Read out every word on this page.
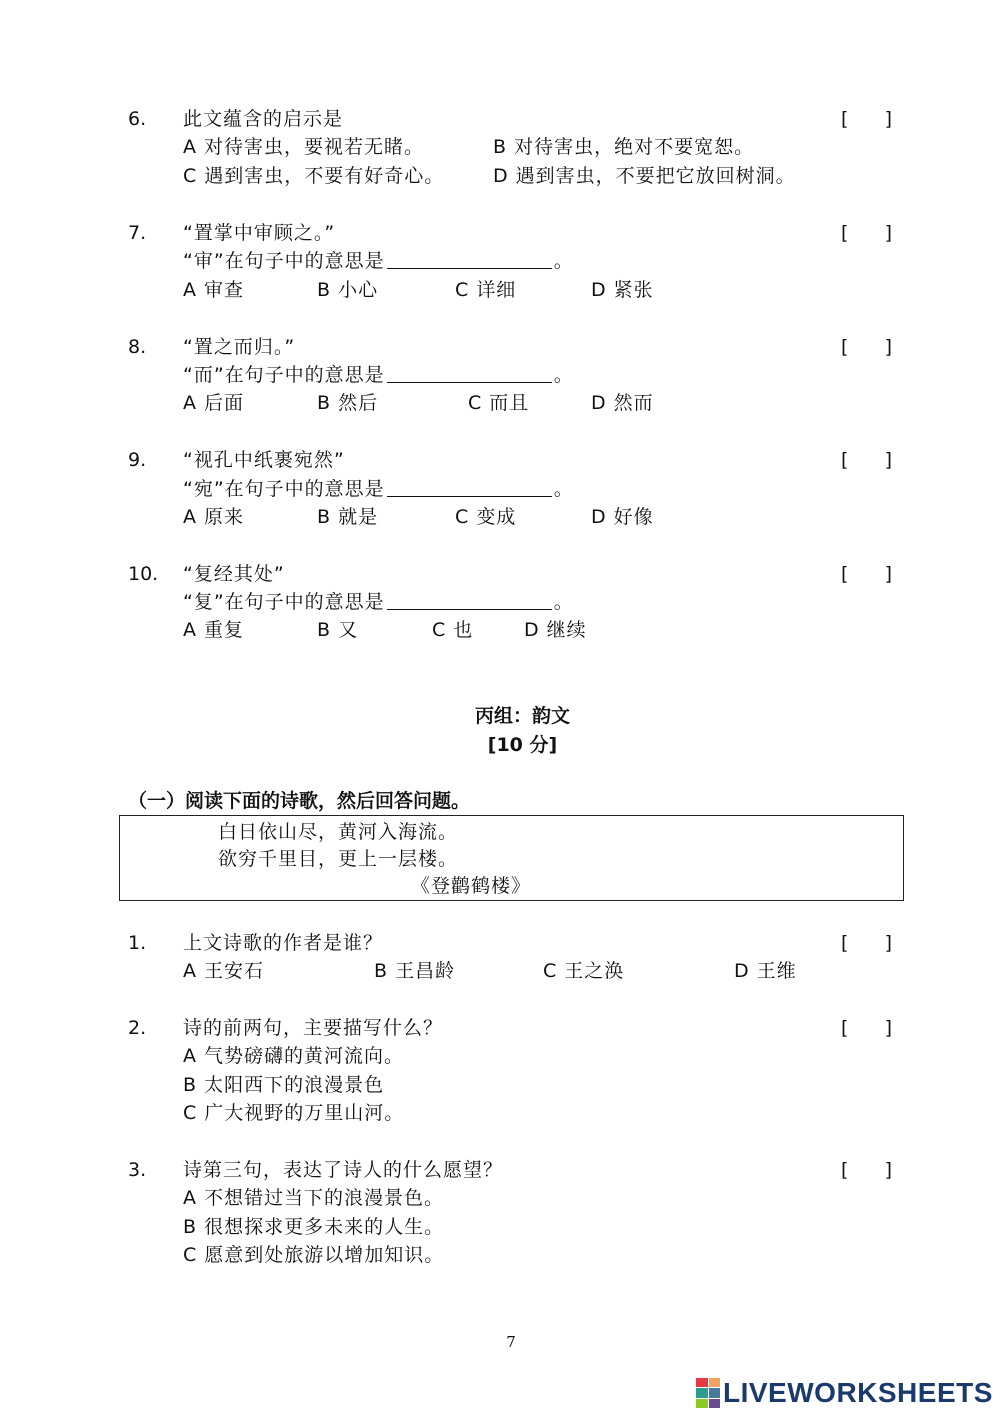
6. 此文蕴含的启示是	[      ]
A 对待害虫，要视若无睹。	B 对待害虫，绝对不要宽恕。
C 遇到害虫，不要有好奇心。	D 遇到害虫，不要把它放回树洞。
7. “置掌中审顾之。”	[      ]
“审”在句子中的意思是	。
A 审查	B 小心	C 详细	D 紧张
8. “置之而归。”	[      ]
“而”在句子中的意思是	。
A 后面	B 然后	C 而且	D 然而
9. “视孔中纸裹宛然”	[      ]
“宛”在句子中的意思是	。
A 原来	B 就是	C 变成	D 好像
10. “复经其处”	[      ]
“复”在句子中的意思是	。
A 重复	B 又	C 也	D 继续
丙组：韵文
[10 分]
（一）阅读下面的诗歌，然后回答问题。
白日依山尽，黄河入海流。
欲穷千里目，更上一层楼。
《登鹳鹤楼》
1. 上文诗歌的作者是谁？	[      ]
A 王安石	B 王昌龄	C 王之涣	D 王维
2. 诗的前两句，主要描写什么？	[      ]
A 气势磅礴的黄河流向。
B 太阳西下的浪漫景色
C 广大视野的万里山河。
3. 诗第三句，表达了诗人的什么愿望？	[      ]
A 不想错过当下的浪漫景色。
B 很想探求更多未来的人生。
C 愿意到处旅游以增加知识。
7
LIVEWORKSHEETS
